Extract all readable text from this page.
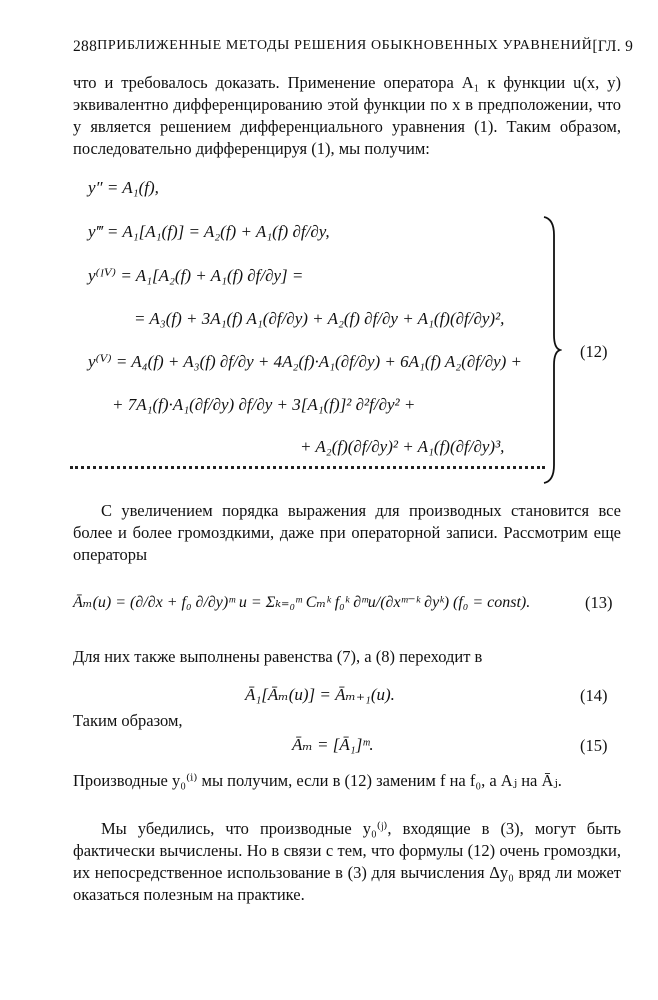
288 ПРИБЛИЖЕННЫЕ МЕТОДЫ РЕШЕНИЯ ОБЫКНОВЕННЫХ УРАВНЕНИЙ [ГЛ. 9
что и требовалось доказать. Применение оператора A₁ к функции u(x, y) эквивалентно дифференцированию этой функции по x в предположении, что y является решением дифференциального уравнения (1). Таким образом, последовательно дифференцируя (1), мы получим:
y″ = A₁(f),
y‴ = A₁[A₁(f)] = A₂(f) + A₁(f) ∂f/∂y,
y⁽ᴵⱽ⁾ = A₁[A₂(f) + A₁(f) ∂f/∂y] =
= A₃(f) + 3A₁(f) A₁(∂f/∂y) + A₂(f) ∂f/∂y + A₁(f)(∂f/∂y)²,
y⁽ⱽ⁾ = A₄(f) + A₃(f) ∂f/∂y + 4A₂(f)·A₁(∂f/∂y) + 6A₁(f) A₂(∂f/∂y) +
+ 7A₁(f)·A₁(∂f/∂y) ∂f/∂y + 3[A₁(f)]² ∂²f/∂y² +
+ A₂(f)(∂f/∂y)² + A₁(f)(∂f/∂y)³,
(12)
С увеличением порядка выражения для производных становится все более и более громоздкими, даже при операторной записи. Рассмотрим еще операторы
Āₘ(u) = (∂/∂x + f₀ ∂/∂y)ᵐ u = Σₖ₌₀ᵐ Cₘᵏ f₀ᵏ ∂ᵐu/(∂xᵐ⁻ᵏ ∂yᵏ) (f₀ = const).	(13)
Для них также выполнены равенства (7), а (8) переходит в
Ā₁[Āₘ(u)] = Āₘ₊₁(u).	(14)
Таким образом,
Āₘ = [Ā₁]ᵐ.	(15)
Производные y₀⁽ⁱ⁾ мы получим, если в (12) заменим f на f₀, а Aⱼ на Āⱼ.
Мы убедились, что производные y₀⁽ʲ⁾, входящие в (3), могут быть фактически вычислены. Но в связи с тем, что формулы (12) очень громоздки, их непосредственное использование в (3) для вычисления Δy₀ вряд ли может оказаться полезным на практике.
